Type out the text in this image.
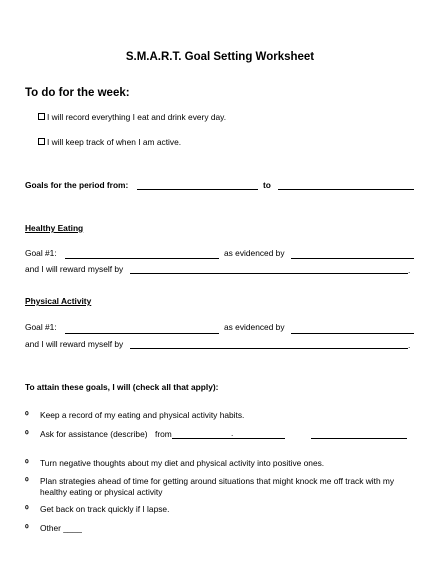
S.M.A.R.T. Goal Setting Worksheet
To do for the week:
I will record everything I eat and drink every day.
I will keep track of when I am active.
Goals for the period from:	to
Healthy Eating
Goal #1:	as evidenced by
and I will reward myself by	.
Physical Activity
Goal #1:	as evidenced by
and I will reward myself by	.
To attain these goals, I will (check all that apply):
⁰ Keep a record of my eating and physical activity habits.
⁰ Ask for assistance (describe) from	.
⁰ Turn negative thoughts about my diet and physical activity into positive ones.
⁰ Plan strategies ahead of time for getting around situations that might knock me off track with my
healthy eating or physical activity
⁰ Get back on track quickly if I lapse.
⁰ Other ____
